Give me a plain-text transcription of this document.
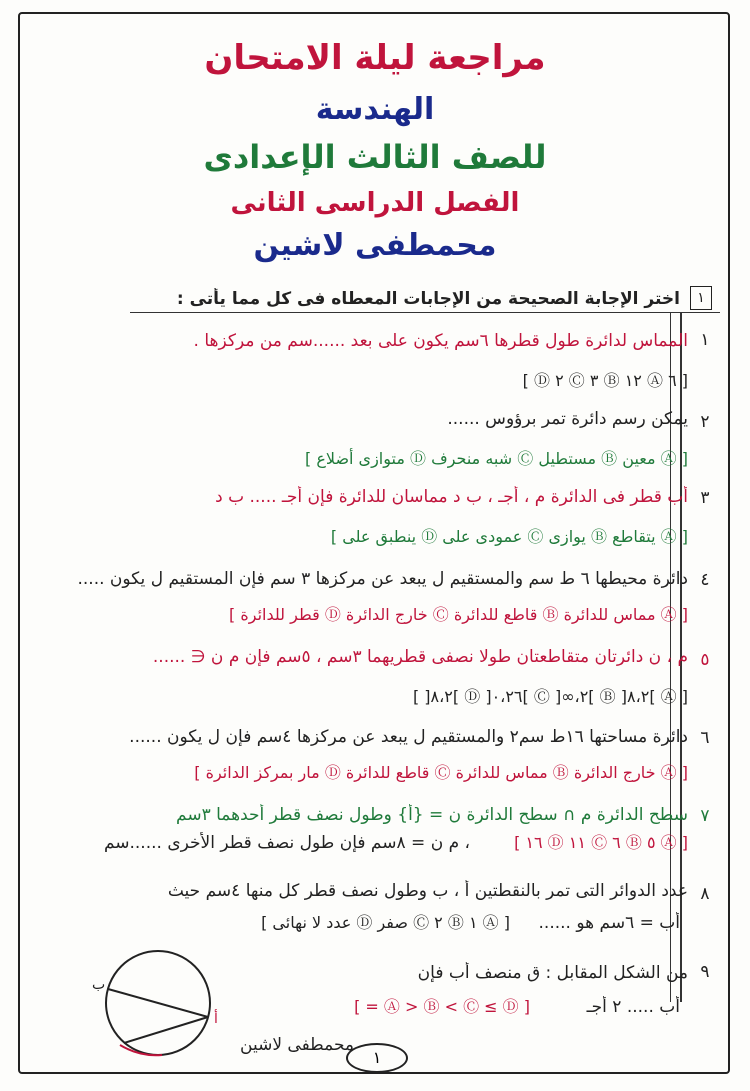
مراجعة ليلة الامتحان
الهندسة
للصف الثالث الإعدادى
الفصل الدراسى الثانى
محمطفى لاشين
اختر الإجابة الصحيحة من الإجابات المعطاه فى كل مما يأتى :	١
١
المماس لدائرة طول قطرها ٦سم يكون على بعد ......سم من مركزها .
[ ٦ Ⓐ ١٢ Ⓑ ٣ Ⓒ ٢ Ⓓ ]
٢
يمكن رسم دائرة تمر برؤوس ......
[ Ⓐ معين Ⓑ مستطيل Ⓒ شبه منحرف Ⓓ متوازى أضلاع ]
٣
أب قطر فى الدائرة م ، أجـ ، ب د مماسان للدائرة فإن أجـ ..... ب د
[ Ⓐ يتقاطع Ⓑ يوازى Ⓒ عمودى على Ⓓ ينطبق على ]
٤
دائرة محيطها ٦ ط سم والمستقيم ل يبعد عن مركزها ٣ سم فإن المستقيم ل يكون .....
[ Ⓐ مماس للدائرة Ⓑ قاطع للدائرة Ⓒ خارج الدائرة Ⓓ قطر للدائرة ]
٥
م ، ن دائرتان متقاطعتان طولا نصفى قطريهما ٣سم ، ٥سم فإن م ن ∈ ......
[ Ⓐ ]٨،٢[ Ⓑ ]٢،∞[ Ⓒ ]٠،٢٦[ Ⓓ ]٨،٢[ ]
٦
دائرة مساحتها ١٦ط سم٢ والمستقيم ل يبعد عن مركزها ٤سم فإن ل يكون ......
[ Ⓐ خارج الدائرة Ⓑ مماس للدائرة Ⓒ قاطع للدائرة Ⓓ مار بمركز الدائرة ]
٧
سطح الدائرة م ∩ سطح الدائرة ن = {أ} وطول نصف قطر أحدهما ٣سم
، م ن = ٨سم فإن طول نصف قطر الأخرى ......سم	[ Ⓐ ٥ Ⓑ ٦ Ⓒ ١١ Ⓓ ١٦ ]
٨
عدد الدوائر التى تمر بالنقطتين أ ، ب وطول نصف قطر كل منها ٤سم حيث
أب = ٦سم هو ......
[ Ⓐ ١ Ⓑ ٢ Ⓒ صفر Ⓓ عدد لا نهائى ]
٩
من الشكل المقابل : ق منصف أب فإن
أب ..... ٢ أجـ
[ Ⓐ > Ⓑ < Ⓒ ≤ Ⓓ = ]
ب
أ
محمطفى لاشين
١
